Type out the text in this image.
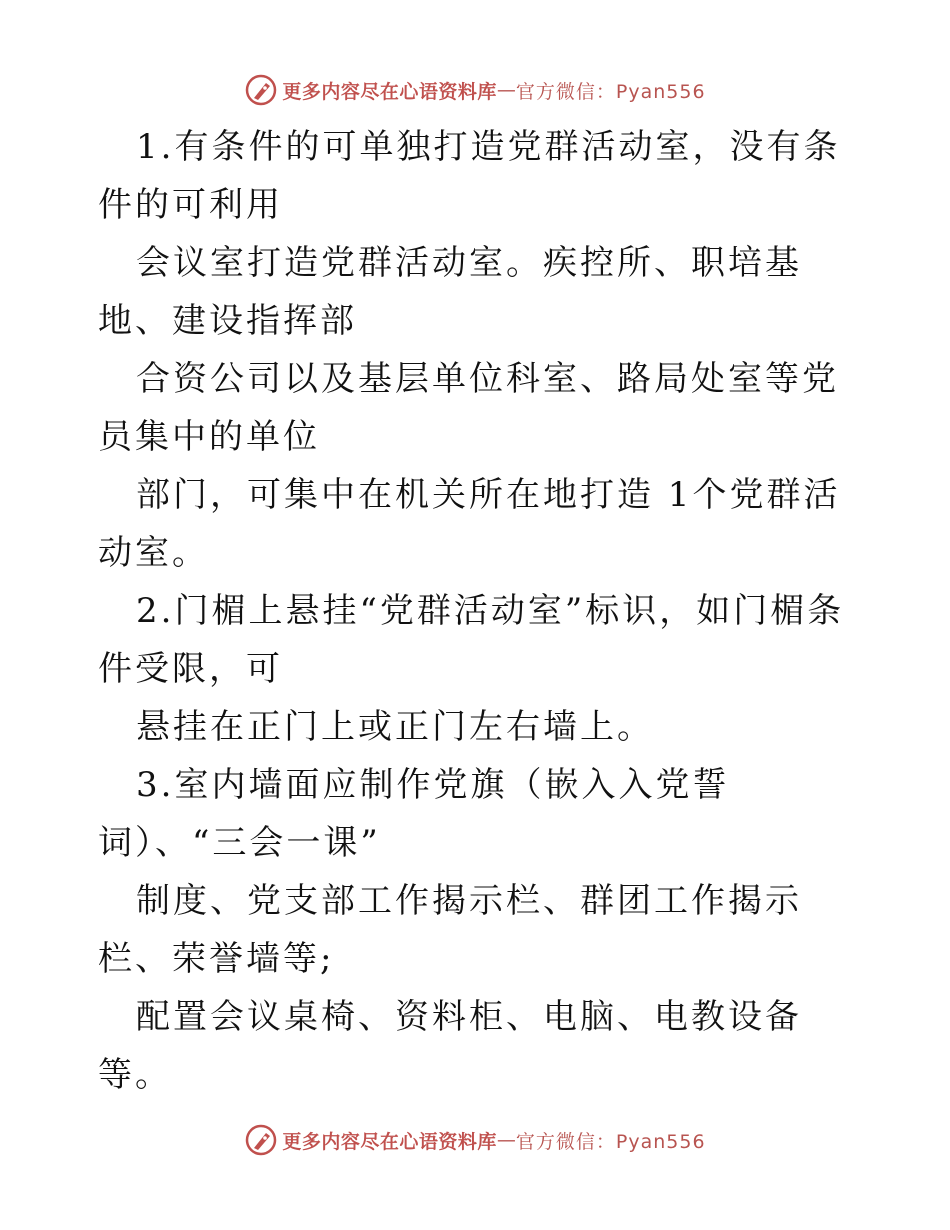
更多内容尽在心语资料库 — 官方微信：Pyan556

1.有条件的可单独打造党群活动室，没有条件的可利用

会议室打造党群活动室。疾控所、职培基地、建设指挥部

合资公司以及基层单位科室、路局处室等党员集中的单位

部门，可集中在机关所在地打造 1个党群活动室。

2.门楣上悬挂“党群活动室”标识，如门楣条件受限，可

悬挂在正门上或正门左右墙上。

3.室内墙面应制作党旗（嵌入入党誓词）、“三会一课”

制度、党支部工作揭示栏、群团工作揭示栏、荣誉墙等;

配置会议桌椅、资料柜、电脑、电教设备等。

更多内容尽在心语资料库 — 官方微信：Pyan556
